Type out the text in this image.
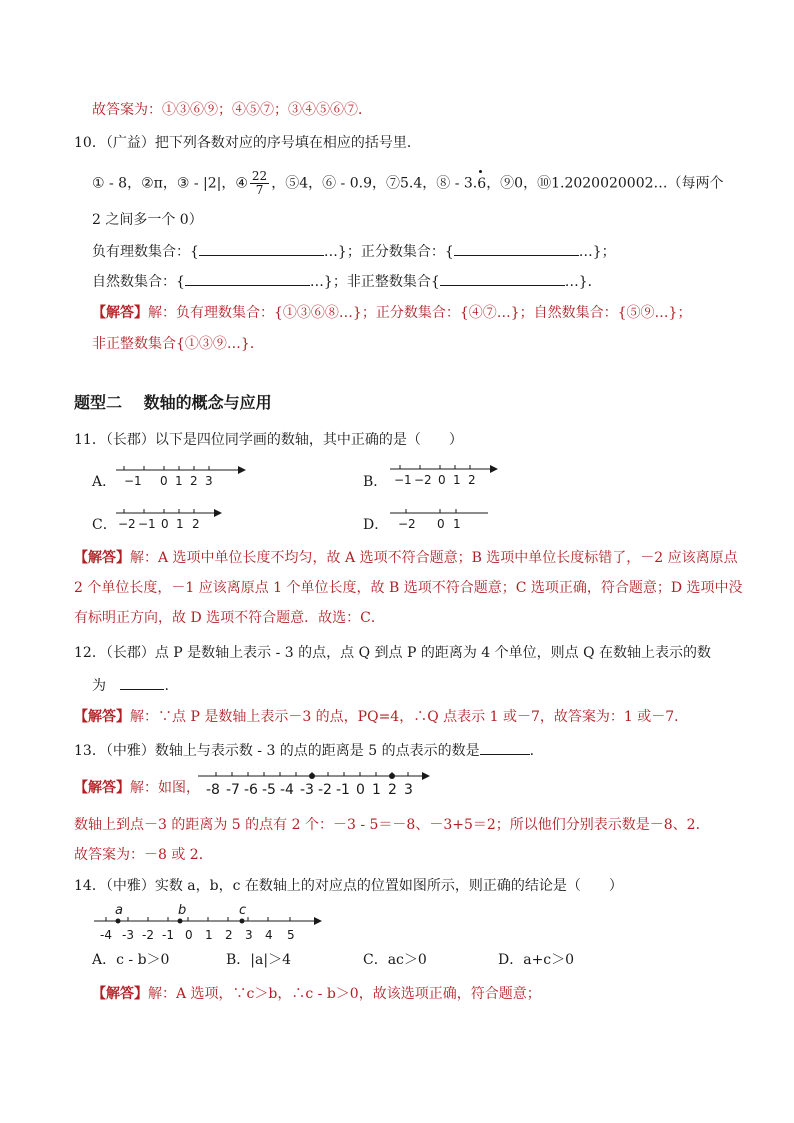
故答案为：①③⑥⑨；④⑤⑦；③④⑤⑥⑦．
10．（广益）把下列各数对应的序号填在相应的括号里．
① - 8，②π，③ - |2|，④ $\frac{22}{7}$ ，⑤4，⑥ - 0.9，⑦5.4，⑧ - 3.6，⑨0，⑩1.2020020002…（每两个
2 之间多一个 0）
负有理数集合：{	…}；正分数集合：{	…}；
自然数集合：{	…}；非正整数集合{	…}．
【解答】解：负有理数集合：{①③⑥⑧…}；正分数集合：{④⑦…}；自然数集合：{⑤⑨…}；
非正整数集合{①③⑨…}．
题型二　 数轴的概念与应用
11．（长郡）以下是四位同学画的数轴，其中正确的是（　　）
A． −1 0 1 2 3	B． −1 −2 0 1 2
C． −2 −1 0 1 2	D． −2 0 1
【解答】解：A 选项中单位长度不均匀，故 A 选项不符合题意；B 选项中单位长度标错了，－2 应该离原点
2 个单位长度，－1 应该离原点 1 个单位长度，故 B 选项不符合题意；C 选项正确，符合题意；D 选项中没
有标明正方向，故 D 选项不符合题意．故选：C．
12．（长郡）点 P 是数轴上表示 - 3 的点，点 Q 到点 P 的距离为 4 个单位，则点 Q 在数轴上表示的数
为	.
【解答】解：∵点 P 是数轴上表示－3 的点，PQ=4，∴Q 点表示 1 或－7，故答案为：1 或－7．
13．（中雅）数轴上与表示数 - 3 的点的距离是 5 的点表示的数是	.
【解答】解：如图， -8 -7 -6 -5 -4 -3 -2 -1 0 1 2 3
数轴上到点－3 的距离为 5 的点有 2 个：－3 - 5＝－8、－3+5＝2；所以他们分别表示数是－8、2．
故答案为：－8 或 2．
14．（中雅）实数 a，b，c 在数轴上的对应点的位置如图所示，则正确的结论是（　　）
a	b	c
-4 -3 -2 -1 0 1 2 3 4 5
A．c - b＞0	B．|a|＞4	C．ac＞0	D．a+c＞0
【解答】解：A 选项，∵c＞b，∴c - b＞0，故该选项正确，符合题意；
